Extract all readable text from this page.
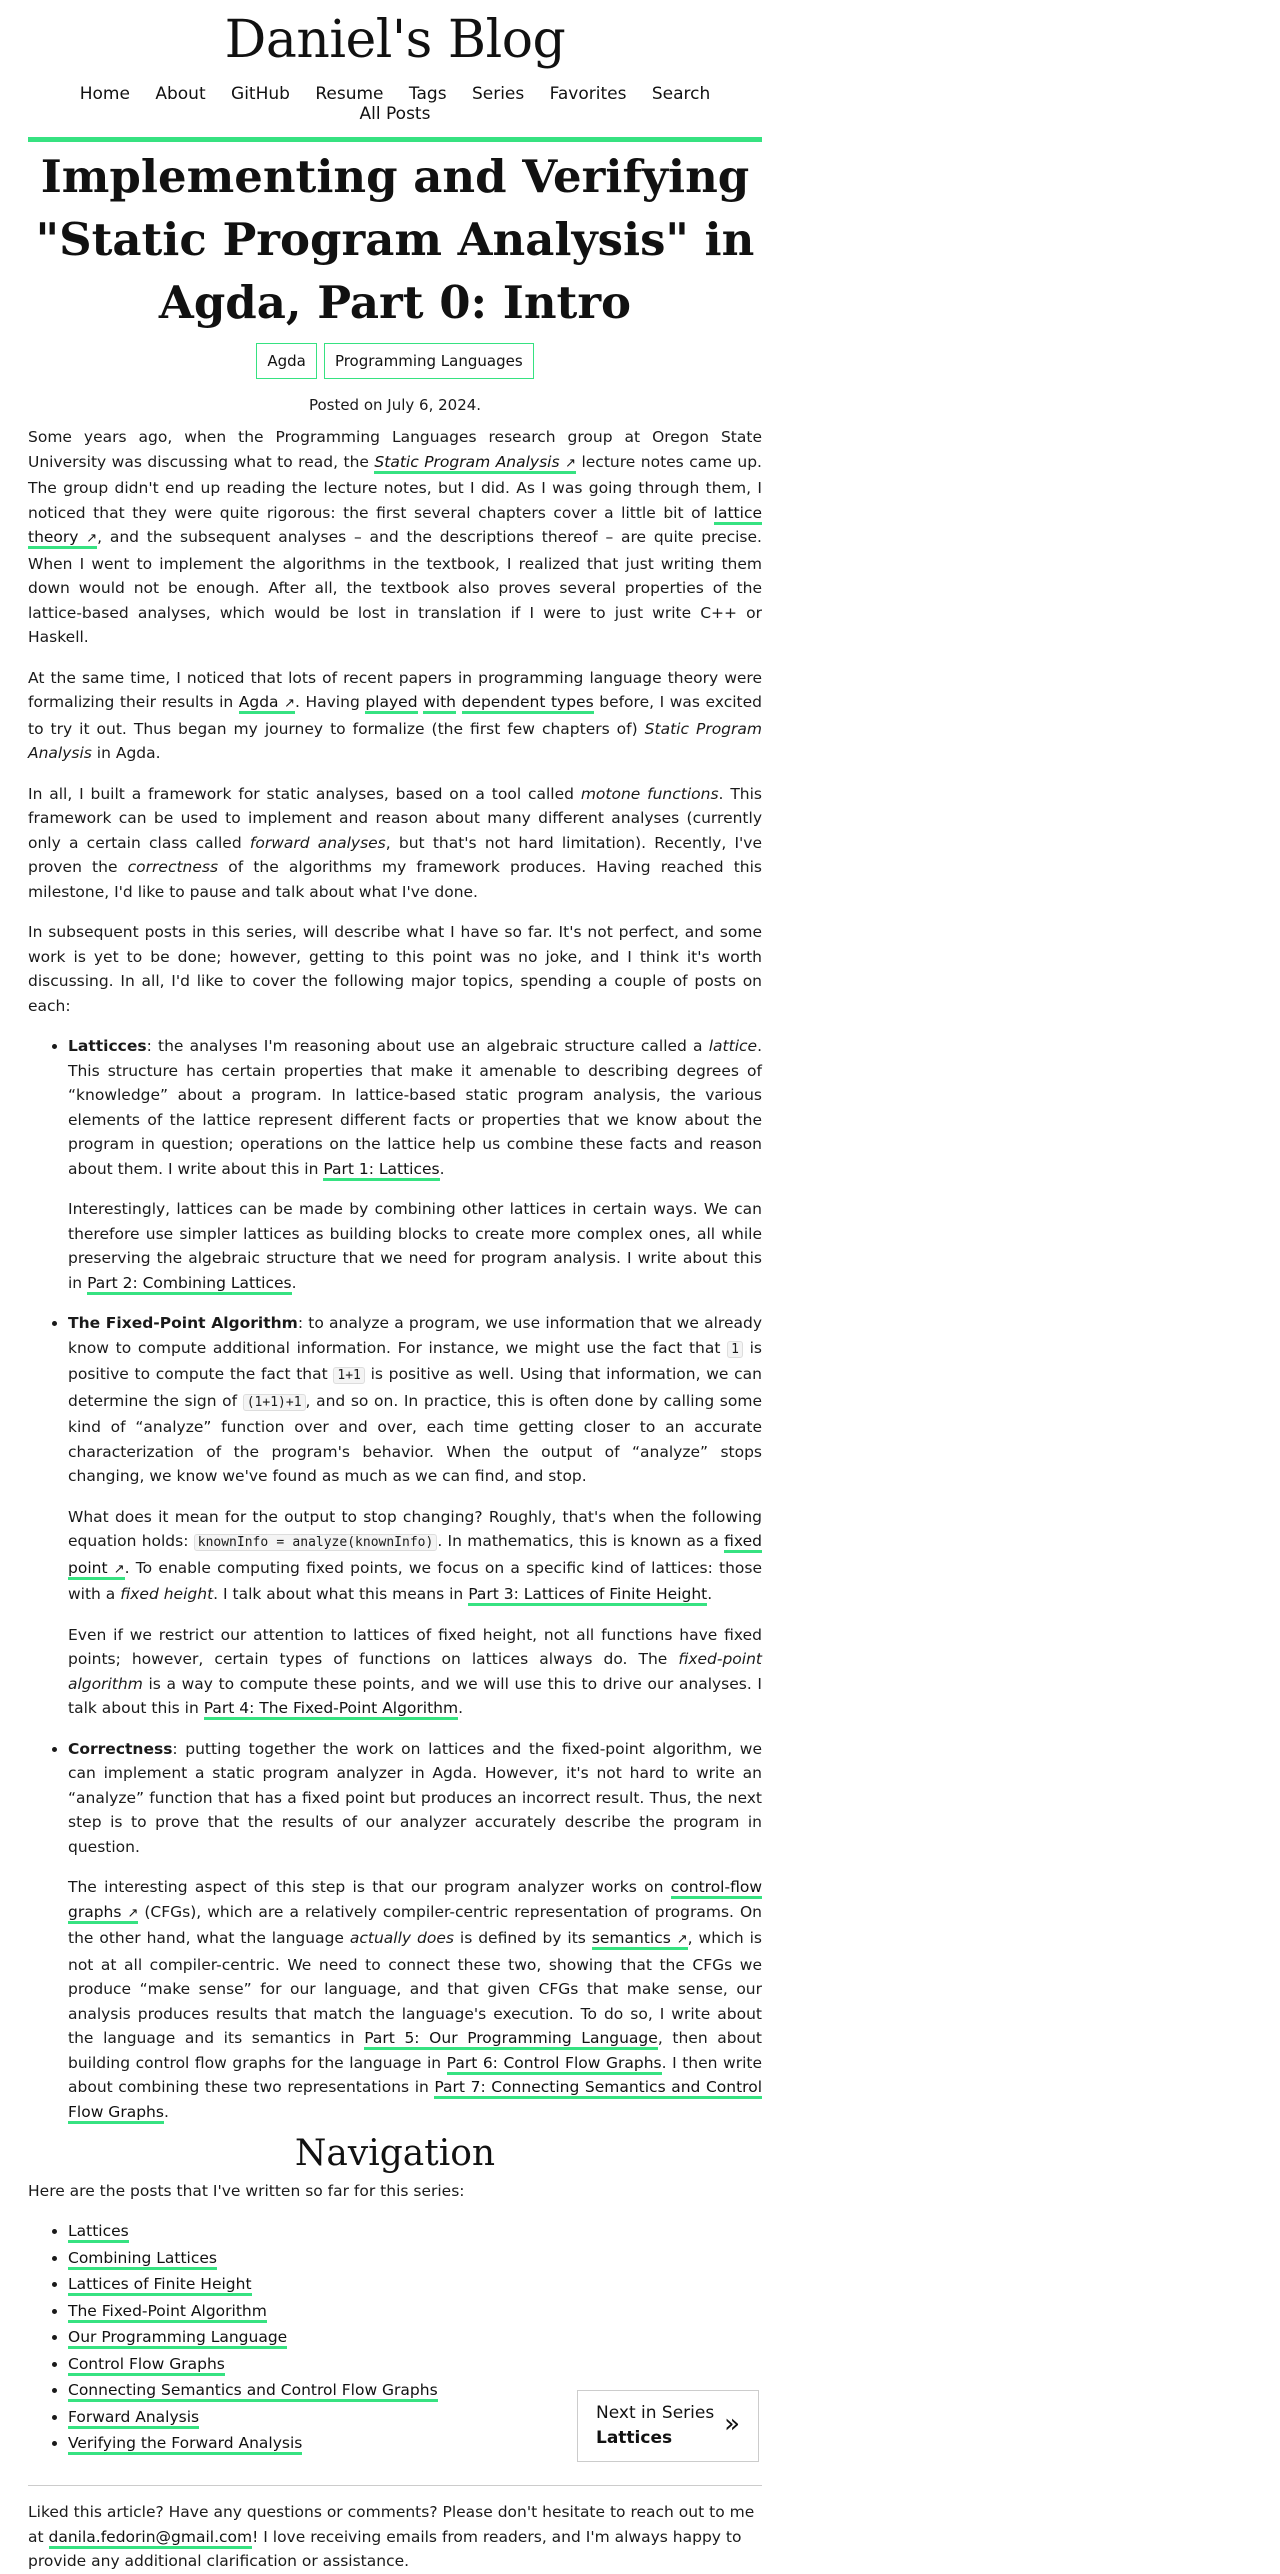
Daniel's Blog
Home About GitHub Resume Tags Series Favorites Search All Posts
Implementing and Verifying "Static Program Analysis" in Agda, Part 0: Intro
Agda Programming Languages
Posted on July 6, 2024.

Some years ago, when the Programming Languages research group at Oregon State University was discussing what to read, the Static Program Analysis ↗ lecture notes came up. The group didn't end up reading the lecture notes, but I did. As I was going through them, I noticed that they were quite rigorous: the first several chapters cover a little bit of lattice theory ↗, and the subsequent analyses – and the descriptions thereof – are quite precise. When I went to implement the algorithms in the textbook, I realized that just writing them down would not be enough. After all, the textbook also proves several properties of the lattice-based analyses, which would be lost in translation if I were to just write C++ or Haskell.

At the same time, I noticed that lots of recent papers in programming language theory were formalizing their results in Agda ↗. Having played with dependent types before, I was excited to try it out. Thus began my journey to formalize (the first few chapters of) Static Program Analysis in Agda.

In all, I built a framework for static analyses, based on a tool called motone functions. This framework can be used to implement and reason about many different analyses (currently only a certain class called forward analyses, but that's not hard limitation). Recently, I've proven the correctness of the algorithms my framework produces. Having reached this milestone, I'd like to pause and talk about what I've done.

In subsequent posts in this series, will describe what I have so far. It's not perfect, and some work is yet to be done; however, getting to this point was no joke, and I think it's worth discussing. In all, I'd like to cover the following major topics, spending a couple of posts on each:

• Latticces: the analyses I'm reasoning about use an algebraic structure called a lattice. This structure has certain properties that make it amenable to describing degrees of “knowledge” about a program. In lattice-based static program analysis, the various elements of the lattice represent different facts or properties that we know about the program in question; operations on the lattice help us combine these facts and reason about them. I write about this in Part 1: Lattices.

Interestingly, lattices can be made by combining other lattices in certain ways. We can therefore use simpler lattices as building blocks to create more complex ones, all while preserving the algebraic structure that we need for program analysis. I write about this in Part 2: Combining Lattices.

• The Fixed-Point Algorithm: to analyze a program, we use information that we already know to compute additional information. For instance, we might use the fact that 1 is positive to compute the fact that 1+1 is positive as well. Using that information, we can determine the sign of (1+1)+1 , and so on. In practice, this is often done by calling some kind of “analyze” function over and over, each time getting closer to an accurate characterization of the program's behavior. When the output of “analyze” stops changing, we know we've found as much as we can find, and stop.

What does it mean for the output to stop changing? Roughly, that's when the following equation holds: knownInfo = analyze(knownInfo) . In mathematics, this is known as a fixed point ↗. To enable computing fixed points, we focus on a specific kind of lattices: those with a fixed height. I talk about what this means in Part 3: Lattices of Finite Height.

Even if we restrict our attention to lattices of fixed height, not all functions have fixed points; however, certain types of functions on lattices always do. The fixed-point algorithm is a way to compute these points, and we will use this to drive our analyses. I talk about this in Part 4: The Fixed-Point Algorithm.

• Correctness: putting together the work on lattices and the fixed-point algorithm, we can implement a static program analyzer in Agda. However, it's not hard to write an “analyze” function that has a fixed point but produces an incorrect result. Thus, the next step is to prove that the results of our analyzer accurately describe the program in question.

The interesting aspect of this step is that our program analyzer works on control-flow graphs ↗ (CFGs), which are a relatively compiler-centric representation of programs. On the other hand, what the language actually does is defined by its semantics ↗, which is not at all compiler-centric. We need to connect these two, showing that the CFGs we produce “make sense” for our language, and that given CFGs that make sense, our analysis produces results that match the language's execution. To do so, I write about the language and its semantics in Part 5: Our Programming Language, then about building control flow graphs for the language in Part 6: Control Flow Graphs. I then write about combining these two representations in Part 7: Connecting Semantics and Control Flow Graphs.

Navigation

Here are the posts that I've written so far for this series:

• Lattices
• Combining Lattices
• Lattices of Finite Height
• The Fixed-Point Algorithm
• Our Programming Language
• Control Flow Graphs
• Connecting Semantics and Control Flow Graphs
• Forward Analysis
• Verifying the Forward Analysis
Next in Series
Lattices »
Liked this article? Have any questions or comments? Please don't hesitate to reach out to me at danila.fedorin@gmail.com! I love receiving emails from readers, and I'm always happy to provide any additional clarification or assistance.
